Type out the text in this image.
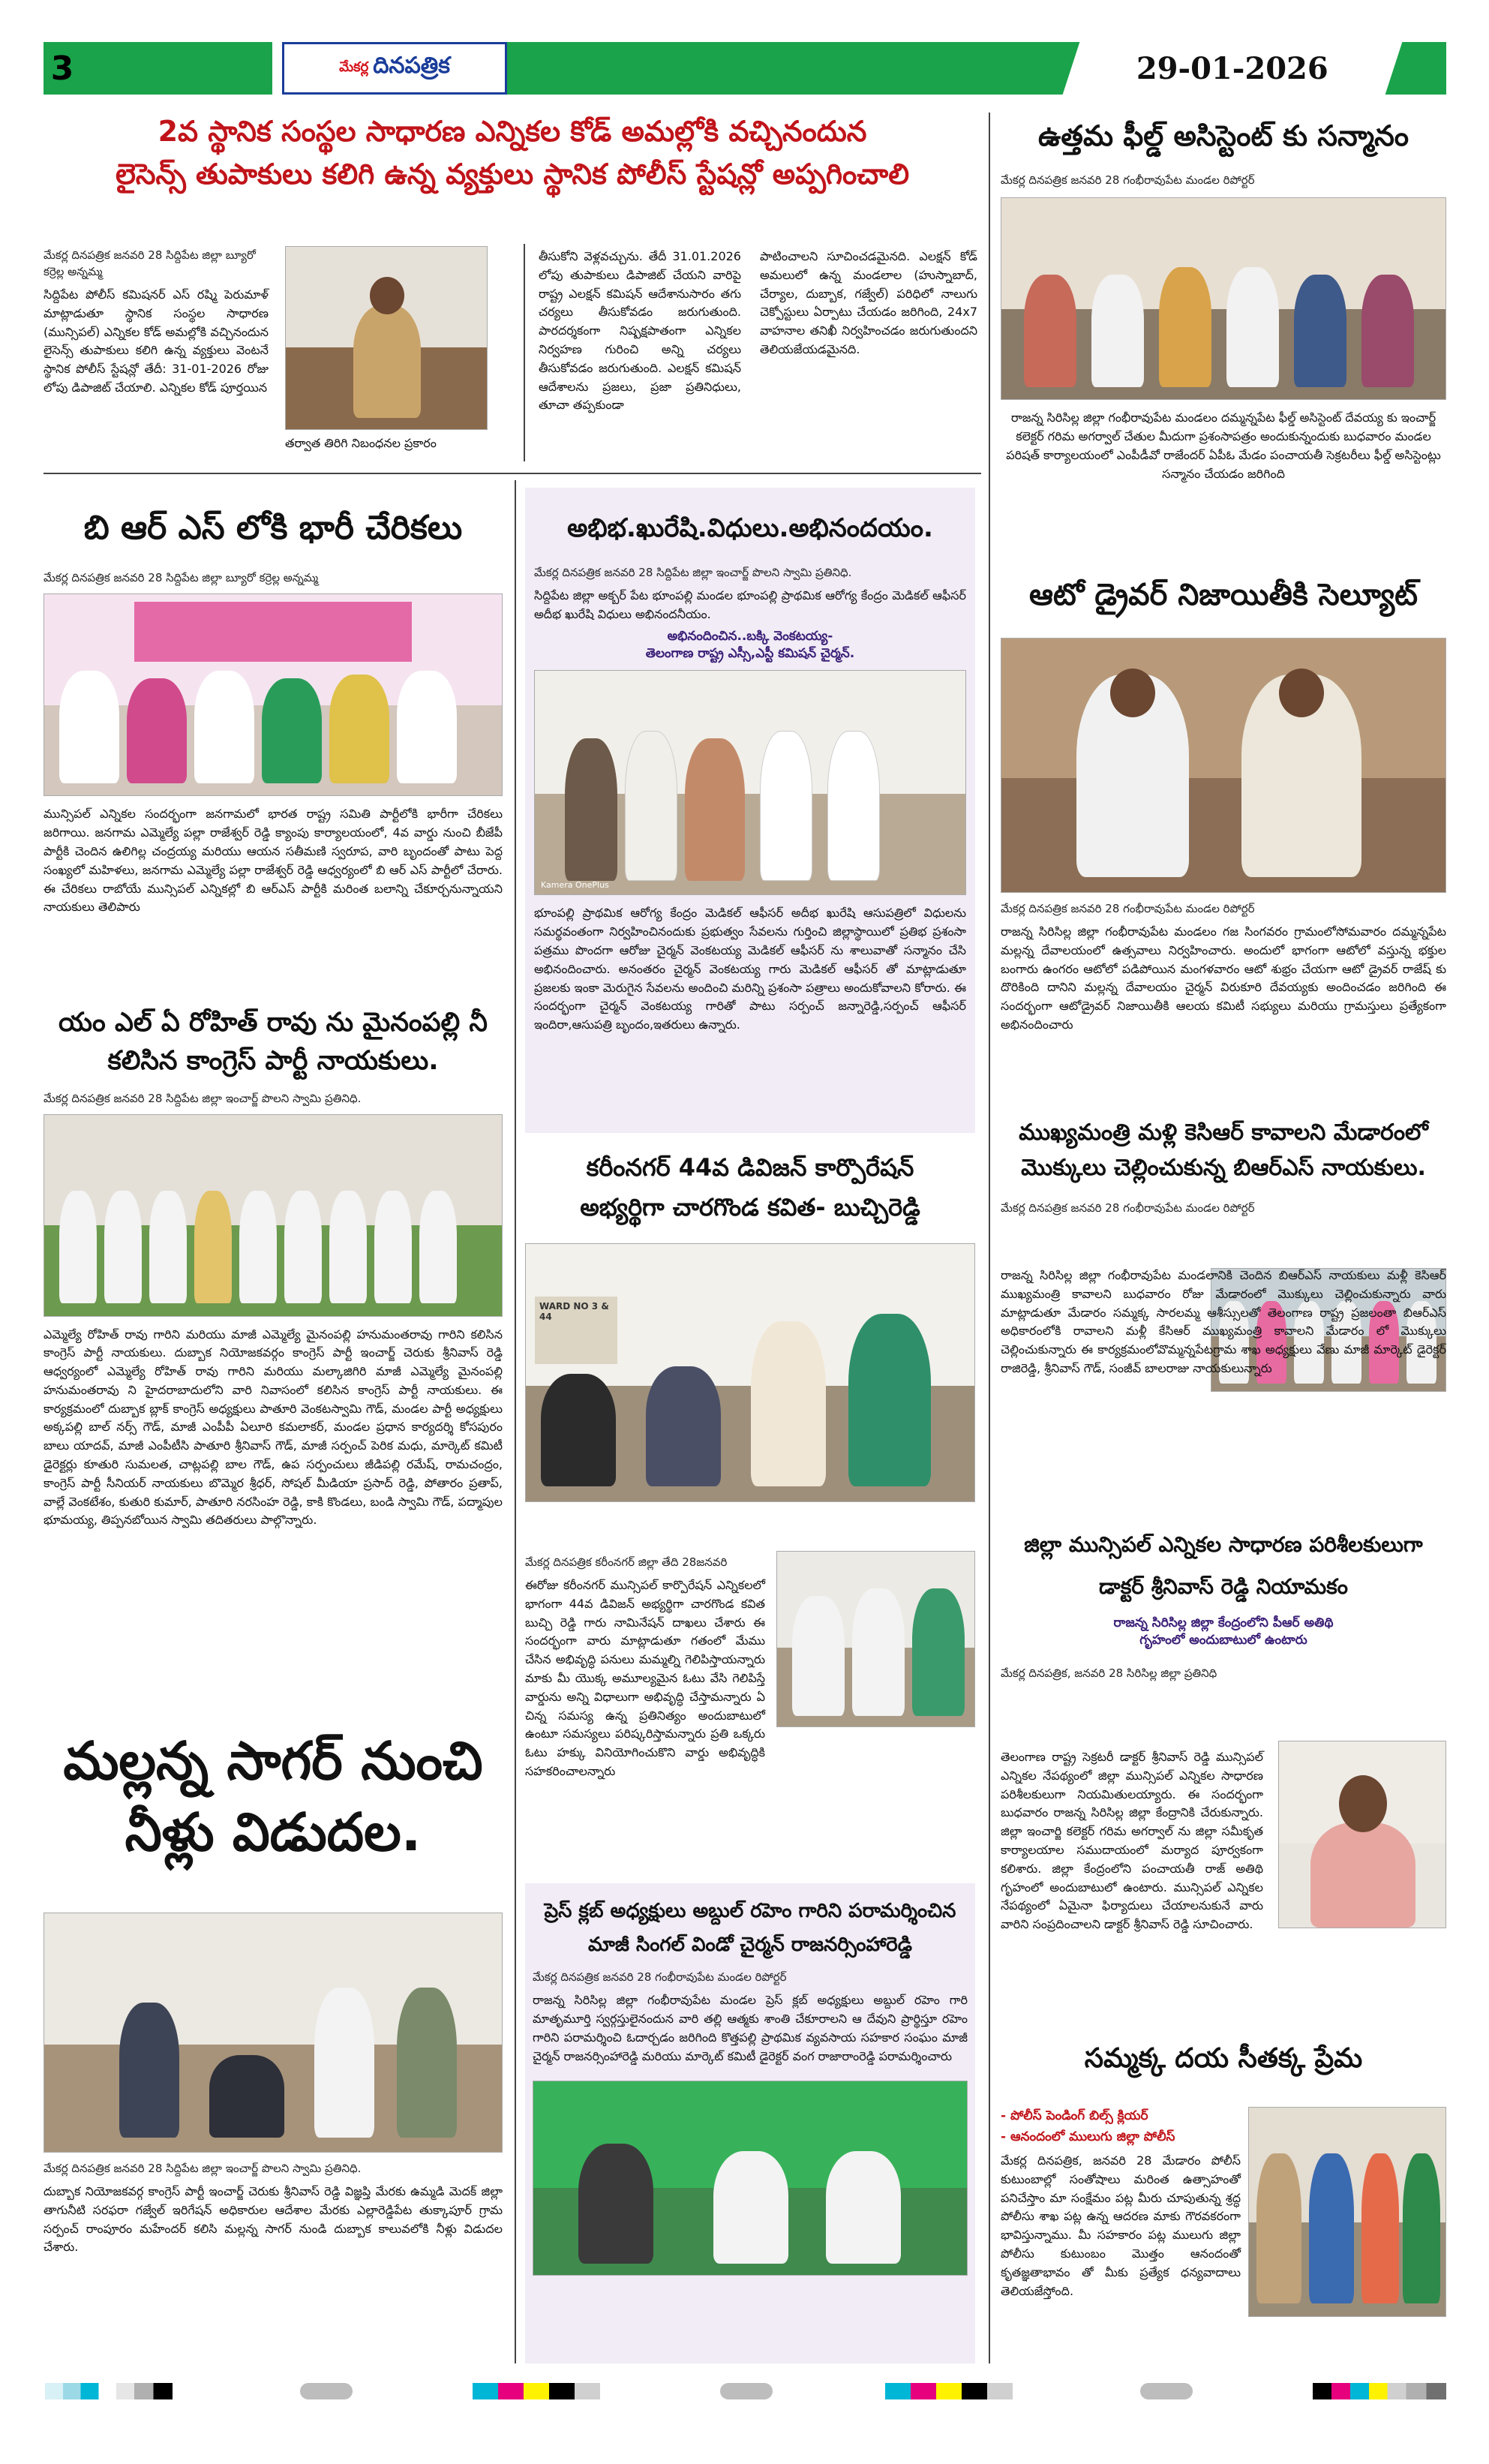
3	మేకర్ల దినపత్రిక	29-01-2026
2వ స్థానిక సంస్థల సాధారణ ఎన్నికల కోడ్ అమల్లోకి వచ్చినందున
లైసెన్స్ తుపాకులు కలిగి ఉన్న వ్యక్తులు స్థానిక పోలీస్ స్టేషన్లో అప్పగించాలి
మేకర్ల దినపత్రిక జనవరి 28 సిద్దిపేట జిల్లా బ్యూరో కర్రెల్ల అన్నమ్మ
సిద్దిపేట పోలీస్ కమిషనర్ ఎస్ రష్మి పెరుమాళ్ మాట్లాడుతూ స్థానిక సంస్థల సాధారణ (మున్సిపల్) ఎన్నికల కోడ్ అమల్లోకి వచ్చినందున లైసెన్స్ తుపాకులు కలిగి ఉన్న వ్యక్తులు వెంటనే స్థానిక పోలీస్ స్టేషన్లో తేదీ: 31-01-2026 రోజు లోపు డిపాజిట్ చేయాలి. ఎన్నికల కోడ్ పూర్తయిన
తర్వాత తిరిగి నిబంధనల ప్రకారం
తీసుకోని వెళ్లవచ్చును. తేదీ 31.01.2026 లోపు తుపాకులు డిపాజిట్ చేయని వారిపై రాష్ట్ర ఎలక్షన్ కమిషన్ ఆదేశానుసారం తగు చర్యలు తీసుకోవడం జరుగుతుంది. పారదర్శకంగా నిష్పక్షపాతంగా ఎన్నికల నిర్వహణ గురించి అన్ని చర్యలు తీసుకోవడం జరుగుతుంది. ఎలక్షన్ కమిషన్ ఆదేశాలను ప్రజలు, ప్రజా ప్రతినిధులు, తూచా తప్పకుండా
పాటించాలని సూచించడమైనది. ఎలక్షన్ కోడ్ అమలులో ఉన్న మండలాల (హుస్నాబాద్, చేర్యాల, దుబ్బాక, గజ్వేల్) పరిధిలో నాలుగు చెక్పోస్టులు ఏర్పాటు చేయడం జరిగింది, 24x7 వాహనాల తనిఖీ నిర్వహించడం జరుగుతుందని తెలియజేయడమైనది.
బి ఆర్ ఎస్ లోకి భారీ చేరికలు
మేకర్ల దినపత్రిక జనవరి 28 సిద్దిపేట జిల్లా బ్యూరో కర్రెల్ల అన్నమ్మ
మున్సిపల్ ఎన్నికల సందర్భంగా జనగామలో భారత రాష్ట్ర సమితి పార్టీలోకి భారీగా చేరికలు జరిగాయి. జనగామ ఎమ్మెల్యే పల్లా రాజేశ్వర్ రెడ్డి క్యాంపు కార్యాలయంలో, 4వ వార్డు నుంచి బీజేపీ పార్టీకి చెందిన ఉలిగిల్ల చంద్రయ్య మరియు ఆయన సతీమణి స్వరూప, వారి బృందంతో పాటు పెద్ద సంఖ్యలో మహిళలు, జనగామ ఎమ్మెల్యే పల్లా రాజేశ్వర్ రెడ్డి ఆధ్వర్యంలో బి ఆర్ ఎస్ పార్టీలో చేరారు. ఈ చేరికలు రాబోయే మున్సిపల్ ఎన్నికల్లో బి ఆర్ఎస్ పార్టీకి మరింత బలాన్ని చేకూర్చనున్నాయని నాయకులు తెలిపారు
యం ఎల్ ఏ రోహిత్ రావు ను మైనంపల్లి నీ
కలిసిన కాంగ్రెస్ పార్టీ నాయకులు.
మేకర్ల దినపత్రిక జనవరి 28 సిద్దిపేట జిల్లా ఇంచార్జ్ పొలని స్వామి ప్రతినిధి.
ఎమ్మెల్యే రోహిత్ రావు గారిని మరియు మాజీ ఎమ్మెల్యే మైనంపల్లి హనుమంతరావు గారిని కలిసిన కాంగ్రెస్ పార్టీ నాయకులు. దుబ్బాక నియోజకవర్గం కాంగ్రెస్ పార్టీ ఇంచార్జ్ చెరుకు శ్రీనివాస్ రెడ్డి ఆధ్వర్యంలో ఎమ్మెల్యే రోహిత్ రావు గారిని మరియు మల్కాజిగిరి మాజీ ఎమ్మెల్యే మైనంపల్లి హనుమంతరావు ని హైదరాబాదులోని వారి నివాసంలో కలిసిన కాంగ్రెస్ పార్టీ నాయకులు. ఈ కార్యక్రమంలో దుబ్బాక బ్లాక్ కాంగ్రెస్ అధ్యక్షులు పాతూరి వెంకటస్వామి గౌడ్, మండల పార్టీ అధ్యక్షులు అక్కపల్లి బాల్ నర్స్ గౌడ్, మాజీ ఎంపీపీ ఏలూరి కమలాకర్, మండల ప్రధాన కార్యదర్శి కోసపురం బాలు యాదవ్, మాజీ ఎంపీటీసి పాతూరి శ్రీనివాస్ గౌడ్, మాజీ సర్పంచ్ పెరిక మధు, మార్కెట్ కమిటీ డైరెక్టర్లు కూతురి సుమలత, చాట్లపల్లి బాల గౌడ్, ఉప సర్పంచులు జీడిపల్లి రమేష్, రామచంద్రం, కాంగ్రెస్ పార్టీ సీనియర్ నాయకులు బొమ్మెర శ్రీధర్, సోషల్ మీడియా ప్రసాద్ రెడ్డి, పోతారం ప్రతాప్, వాల్లే వెంకటేశం, కుతురి కుమార్, పాతూరి నరసింహ రెడ్డి, కాకి కొండలు, బండి స్వామి గౌడ్, పద్మాపుల భూమయ్య, తిప్పనబోయిన స్వామి తదితరులు పాల్గొన్నారు.
మల్లన్న సాగర్ నుంచి
నీళ్లు విడుదల.
మేకర్ల దినపత్రిక జనవరి 28 సిద్దిపేట జిల్లా ఇంచార్జ్ పొలని స్వామి ప్రతినిధి.
దుబ్బాక నియోజకవర్గ కాంగ్రెస్ పార్టీ ఇంచార్జ్ చెరుకు శ్రీనివాస్ రెడ్డి విజ్ఞప్తి మేరకు ఉమ్మడి మెదక్ జిల్లా తాగునీటి సరఫరా గజ్వేల్ ఇరిగేషన్ అధికారుల ఆదేశాల మేరకు ఎల్లారెడ్డిపేట తుక్కాపూర్ గ్రామ సర్పంచ్ రాంపూరం మహేందర్ కలిసి మల్లన్న సాగర్ నుండి దుబ్బాక కాలువలోకి నీళ్లు విడుదల చేశారు.
అభిభ.ఖురేషి.విధులు.అభినందయం.
మేకర్ల దినపత్రిక జనవరి 28 సిద్దిపేట జిల్లా ఇంచార్జ్ పొలని స్వామి ప్రతినిధి.
సిద్దిపేట జిల్లా అక్బర్ పేట భూంపల్లి మండల భూంపల్లి ప్రాథమిక ఆరోగ్య కేంద్రం మెడికల్ ఆఫీసర్ అదీభ ఖురేషి విధులు అభినందనీయం.
అభినందించిన..బక్కి వెంకటయ్య-
తెలంగాణ రాష్ట్ర ఎస్సీ,ఎస్టీ కమిషన్ చైర్మన్.
Kamera OnePlus
భూంపల్లి ప్రాథమిక ఆరోగ్య కేంద్రం మెడికల్ ఆఫీసర్ అదీభ ఖురేషి ఆసుపత్రిలో విధులను సమర్థవంతంగా నిర్వహించినందుకు ప్రభుత్వం సేవలను గుర్తించి జిల్లాస్థాయిలో ప్రతిభ ప్రశంసా పత్రము పొందగా ఆరోజు చైర్మన్ వెంకటయ్య మెడికల్ ఆఫీసర్ ను శాలువాతో సన్మానం చేసి అభినందించారు. అనంతరం చైర్మన్ వెంకటయ్య గారు మెడికల్ ఆఫీసర్ తో మాట్లాడుతూ ప్రజలకు ఇంకా మెరుగైన సేవలను అందించి మరిన్ని ప్రశంసా పత్రాలు అందుకోవాలని కోరారు. ఈ సందర్భంగా చైర్మన్ వెంకటయ్య గారితో పాటు సర్పంచ్ జన్నారెడ్డి,సర్పంచ్ ఆఫీసర్ ఇందిరా,ఆసుపత్రి బృందం,ఇతరులు ఉన్నారు.
కరీంనగర్ 44వ డివిజన్ కార్పొరేషన్
అభ్యర్థిగా చారగొండ కవిత- బుచ్చిరెడ్డి
WARD NO 3 & 44
మేకర్ల దినపత్రిక కరీంనగర్ జిల్లా తేది 28జనవరి
ఈరోజు కరీంనగర్ మున్సిపల్ కార్పొరేషన్ ఎన్నికలలో భాగంగా 44వ డివిజన్ అభ్యర్థిగా చారగొండ కవిత బుచ్చి రెడ్డి గారు నామినేషన్ దాఖలు చేశారు ఈ సందర్భంగా వారు మాట్లాడుతూ గతంలో మేము చేసిన అభివృద్ధి పనులు మమ్మల్ని గెలిపిస్తాయన్నారు మాకు మీ యొక్క అమూల్యమైన ఓటు వేసి గెలిపిస్తే వార్డును అన్ని విధాలుగా అభివృద్ధి చేస్తామన్నారు ఏ చిన్న సమస్య ఉన్న ప్రతినిత్యం అందుబాటులో ఉంటూ సమస్యలు పరిష్కరిస్తామన్నారు ప్రతి ఒక్కరు ఓటు హక్కు వినియోగించుకొని వార్డు అభివృద్ధికి సహకరించాలన్నారు
ప్రెస్ క్లబ్ అధ్యక్షులు అబ్దుల్ రహెం గారిని పరామర్శించిన
మాజీ సింగల్ విండో చైర్మన్ రాజనర్సింహారెడ్డి
మేకర్ల దినపత్రిక జనవరి 28 గంభీరావుపేట మండల రిపోర్టర్
రాజన్న సిరిసిల్ల జిల్లా గంభీరావుపేట మండల ప్రెస్ క్లబ్ అధ్యక్షులు అబ్దుల్ రహెం గారి మాతృమూర్తి స్వర్గస్తులైనందున వారి తల్లి ఆత్మకు శాంతి చేకూరాలని ఆ దేవుని ప్రార్థిస్తూ రహెం గారిని పరామర్శించి ఓదార్చడం జరిగింది కొత్తపల్లి ప్రాథమిక వ్యవసాయ సహకార సంఘం మాజీ చైర్మన్ రాజనర్సింహారెడ్డి మరియు మార్కెట్ కమిటీ డైరెక్టర్ వంగ రాజారాంరెడ్డి పరామర్శించారు
ఉత్తమ ఫీల్డ్ అసిస్టెంట్ కు సన్మానం
మేకర్ల దినపత్రిక జనవరి 28 గంభీరావుపేట మండల రిపోర్టర్
రాజన్న సిరిసిల్ల జిల్లా గంభీరావుపేట మండలం దమ్మన్నపేట ఫీల్డ్ అసిస్టెంట్ దేవయ్య కు ఇంచార్జ్ కలెక్టర్ గరిమ అగర్వాల్ చేతుల మీదుగా ప్రశంసాపత్రం అందుకున్నందుకు బుధవారం మండల పరిషత్ కార్యాలయంలో ఎంపీడీవో రాజేందర్ ఏపీఓ మేడం పంచాయతీ సెక్రటరీలు ఫీల్డ్ అసిస్టెంట్లు సన్మానం చేయడం జరిగింది
ఆటో డ్రైవర్ నిజాయితీకి సెల్యూట్
మేకర్ల దినపత్రిక జనవరి 28 గంభీరావుపేట మండల రిపోర్టర్
రాజన్న సిరిసిల్ల జిల్లా గంభీరావుపేట మండలం గజ సింగవరం గ్రామంలోసోమవారం దమ్మన్నపేట మల్లన్న దేవాలయంలో ఉత్సవాలు నిర్వహించారు. అందులో భాగంగా ఆటోలో వస్తున్న భక్తుల బంగారు ఉంగరం ఆటోలో పడిపోయిన మంగళవారం ఆటో శుభ్రం చేయగా ఆటో డ్రైవర్ రాజేష్ కు దొరికింది దానిని మల్లన్న దేవాలయం చైర్మన్ విరుకూరి దేవయ్యకు అందించడం జరిగింది ఈ సందర్భంగా ఆటోడ్రైవర్ నిజాయితీకి ఆలయ కమిటీ సభ్యులు మరియు గ్రామస్తులు ప్రత్యేకంగా అభినందించారు
ముఖ్యమంత్రి మళ్లి కెసిఆర్ కావాలని మేడారంలో
మొక్కులు చెల్లించుకున్న బిఆర్ఎస్ నాయకులు.
మేకర్ల దినపత్రిక జనవరి 28 గంభీరావుపేట మండల రిపోర్టర్
రాజన్న సిరిసిల్ల జిల్లా గంభీరావుపేట మండలానికి చెందిన బిఆర్ఎస్ నాయకులు మళ్లీ కెసిఆర్ ముఖ్యమంత్రి కావాలని బుధవారం రోజు మేడారంలో మొక్కులు చెల్లించుకున్నారు వారు మాట్లాడుతూ మేడారం సమ్మక్క సారలమ్మ ఆశీస్సులతో తెలంగాణ రాష్ట్ర ప్రజలంతా బిఆర్ఎస్ అధికారంలోకి రావాలని మళ్లీ కేసిఆర్ ముఖ్యమంత్రి కావాలని మేడారం లో మొక్కులు చెల్లించుకున్నారు ఈ కార్యక్రమంలోవొమ్మన్నపేటగ్రామ శాఖ అధ్యక్షులు వేణు మాజీ మార్కెట్ డైరెక్టర్ రాజిరెడ్డి, శ్రీనివాస్ గౌడ్, సంజీవ్ బాలరాజు నాయకులున్నారు
జిల్లా మున్సిపల్ ఎన్నికల సాధారణ పరిశీలకులుగా
డాక్టర్ శ్రీనివాస్ రెడ్డి నియామకం
రాజన్న సిరిసిల్ల జిల్లా కేంద్రంలోని పీఆర్ అతిథి
గృహంలో అందుబాటులో ఉంటారు
మేకర్ల దినపత్రిక, జనవరి 28 సిరిసిల్ల జిల్లా ప్రతినిధి
తెలంగాణ రాష్ట్ర సెక్రటరీ డాక్టర్ శ్రీనివాస్ రెడ్డి మున్సిపల్ ఎన్నికల నేపథ్యంలో జిల్లా మున్సిపల్ ఎన్నికల సాధారణ పరిశీలకులుగా నియమితులయ్యారు. ఈ సందర్భంగా బుధవారం రాజన్న సిరిసిల్ల జిల్లా కేంద్రానికి చేరుకున్నారు. జిల్లా ఇంచార్జి కలెక్టర్ గరిమ అగర్వాల్ ను జిల్లా సమీకృత కార్యాలయాల సముదాయంలో మర్యాద పూర్వకంగా కలిశారు. జిల్లా కేంద్రంలోని పంచాయతీ రాజ్ అతిథి గృహంలో అందుబాటులో ఉంటారు. మున్సిపల్ ఎన్నికల నేపథ్యంలో ఏమైనా ఫిర్యాదులు చేయాలనుకునే వారు వారిని సంప్రదించాలని డాక్టర్ శ్రీనివాస్ రెడ్డి సూచించారు.
సమ్మక్క దయ సీతక్క ప్రేమ
- పోలీస్ పెండింగ్ బిల్స్ క్లియర్
- ఆనందంలో ములుగు జిల్లా పోలీస్
మేకర్ల దినపత్రిక, జనవరి 28 మేడారం పోలీస్ కుటుంబాల్లో సంతోషాలు మరింత ఉత్సాహంతో పనిచేస్తాం మా సంక్షేమం పట్ల మీరు చూపుతున్న శ్రద్ధ పోలీసు శాఖ పట్ల ఉన్న ఆదరణ మాకు గౌరవకరంగా భావిస్తున్నాము. మీ సహకారం పట్ల ములుగు జిల్లా పోలీసు కుటుంబం మొత్తం ఆనందంతో కృతజ్ఞతాభావం తో మీకు ప్రత్యేక ధన్యవాదాలు తెలియజేస్తోంది.
